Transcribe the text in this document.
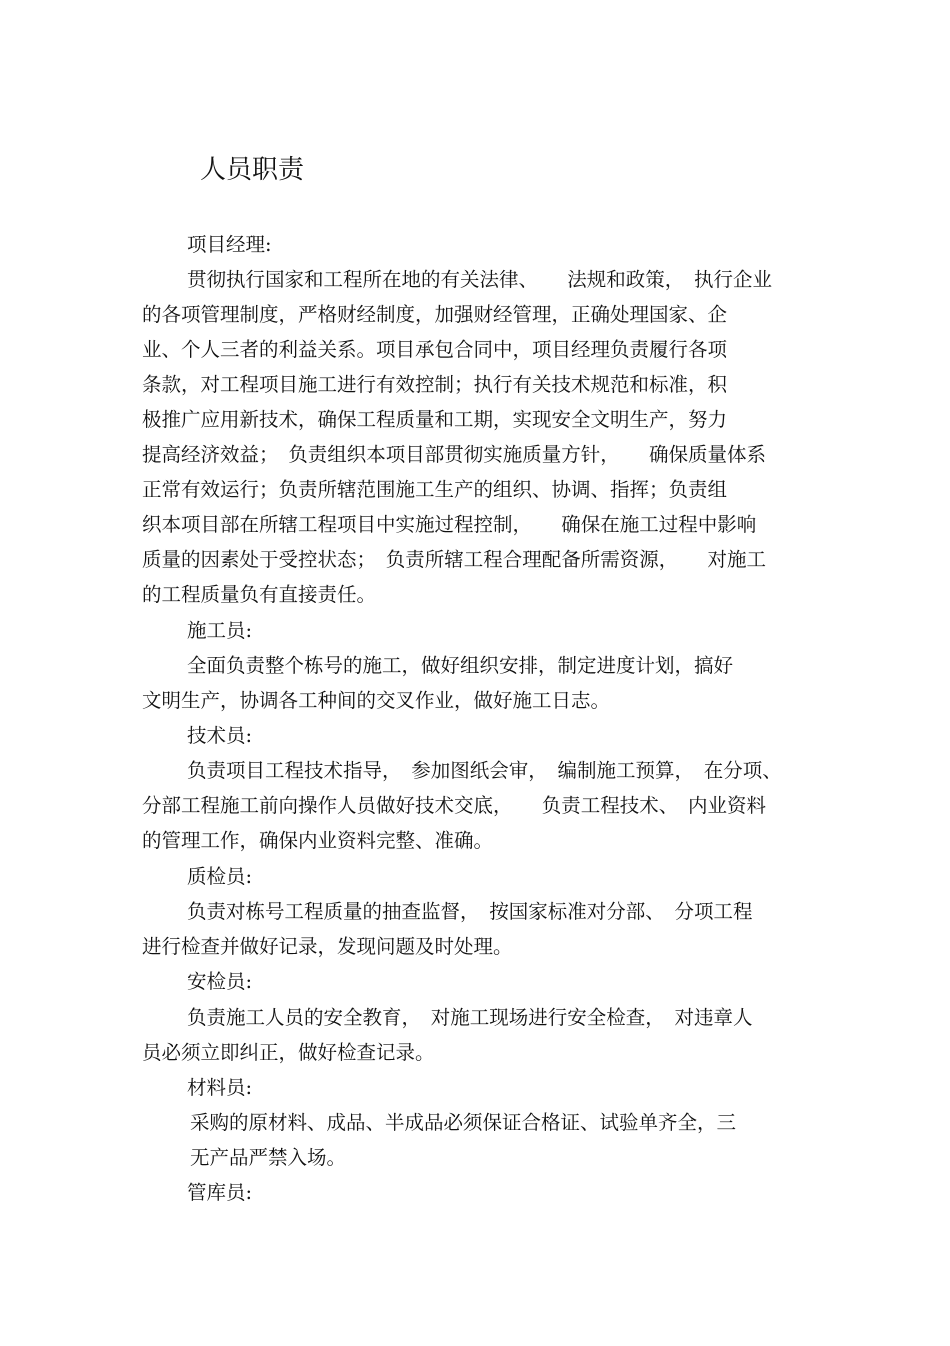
人员职责
项目经理:
贯彻执行国家和工程所在地的有关法律、　　法规和政策，　执行企业
的各项管理制度，严格财经制度，加强财经管理，正确处理国家、企
业、个人三者的利益关系。项目承包合同中，项目经理负责履行各项
条款，对工程项目施工进行有效控制；执行有关技术规范和标准，积
极推广应用新技术，确保工程质量和工期，实现安全文明生产，努力
提高经济效益；　负责组织本项目部贯彻实施质量方针，　　确保质量体系
正常有效运行；负责所辖范围施工生产的组织、协调、指挥；负责组
织本项目部在所辖工程项目中实施过程控制，　　确保在施工过程中影响
质量的因素处于受控状态；　负责所辖工程合理配备所需资源，　　对施工
的工程质量负有直接责任。
施工员:
全面负责整个栋号的施工，做好组织安排，制定进度计划，搞好
文明生产，协调各工种间的交叉作业，做好施工日志。
技术员:
负责项目工程技术指导，　参加图纸会审，　编制施工预算，　在分项、
分部工程施工前向操作人员做好技术交底，　　负责工程技术、　内业资料
的管理工作，确保内业资料完整、准确。
质检员:
负责对栋号工程质量的抽查监督，　按国家标准对分部、　分项工程
进行检查并做好记录，发现问题及时处理。
安检员:
负责施工人员的安全教育，　对施工现场进行安全检查，　对违章人
员必须立即纠正，做好检查记录。
材料员:
采购的原材料、成品、半成品必须保证合格证、试验单齐全，三
无产品严禁入场。
管库员:
